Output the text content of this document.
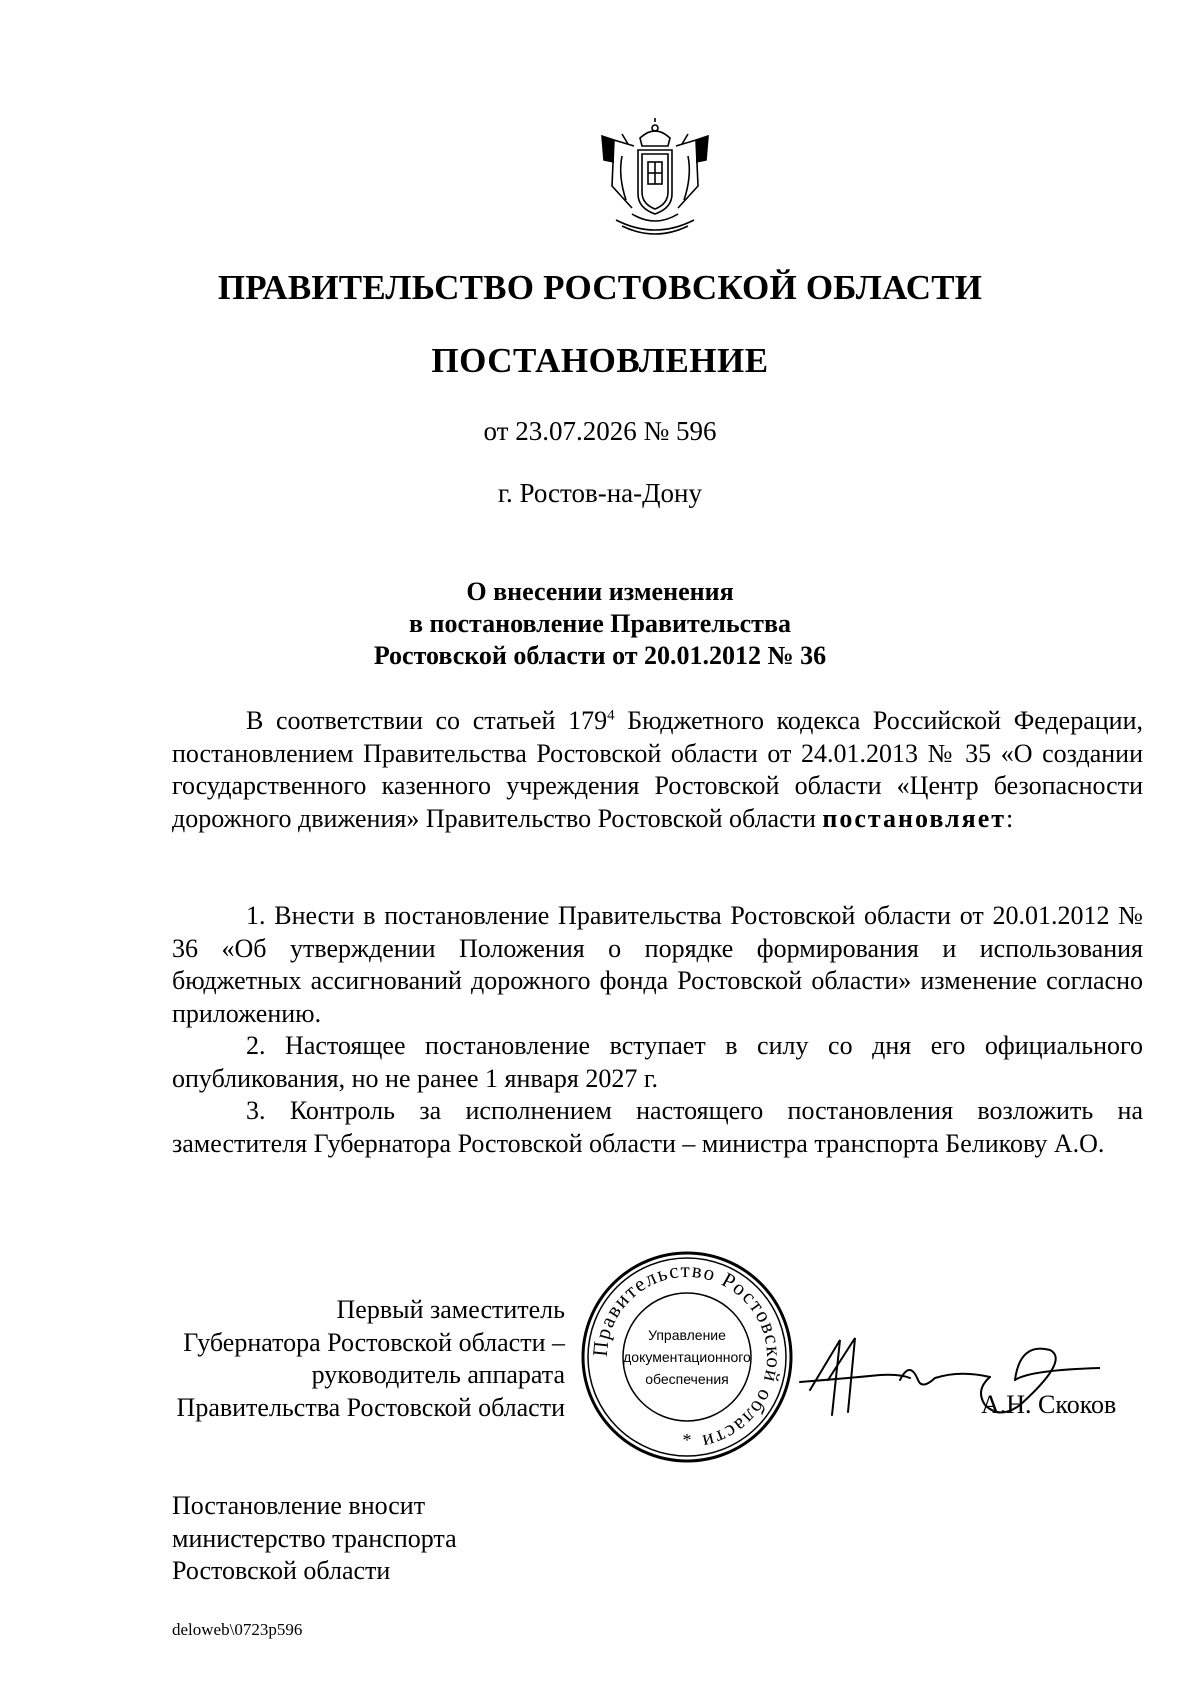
ПРАВИТЕЛЬСТВО РОСТОВСКОЙ ОБЛАСТИ
ПОСТАНОВЛЕНИЕ
от 23.07.2026 № 596
г. Ростов-на-Дону
О внесении изменения
в постановление Правительства
Ростовской области от 20.01.2012 № 36

В соответствии со статьей $179^4$ Бюджетного кодекса Российской Федерации, постановлением Правительства Ростовской области от 24.01.2013 № 35 «О создании государственного казенного учреждения Ростовской области «Центр безопасности дорожного движения» Правительство Ростовской области постановляет:

1. Внести в постановление Правительства Ростовской области от 20.01.2012 № 36 «Об утверждении Положения о порядке формирования и использования бюджетных ассигнований дорожного фонда Ростовской области» изменение согласно приложению.

2. Настоящее постановление вступает в силу со дня его официального опубликования, но не ранее 1 января 2027 г.

3. Контроль за исполнением настоящего постановления возложить на заместителя Губернатора Ростовской области – министра транспорта Беликову А.О.

Правительство Ростовской области
Управление
документационного
обеспечения
*
Первый заместитель
Губернатора Ростовской области –
руководитель аппарата
Правительства Ростовской области	А.Н. Скоков
Постановление вносит
министерство транспорта
Ростовской области
deloweb\0723p596
